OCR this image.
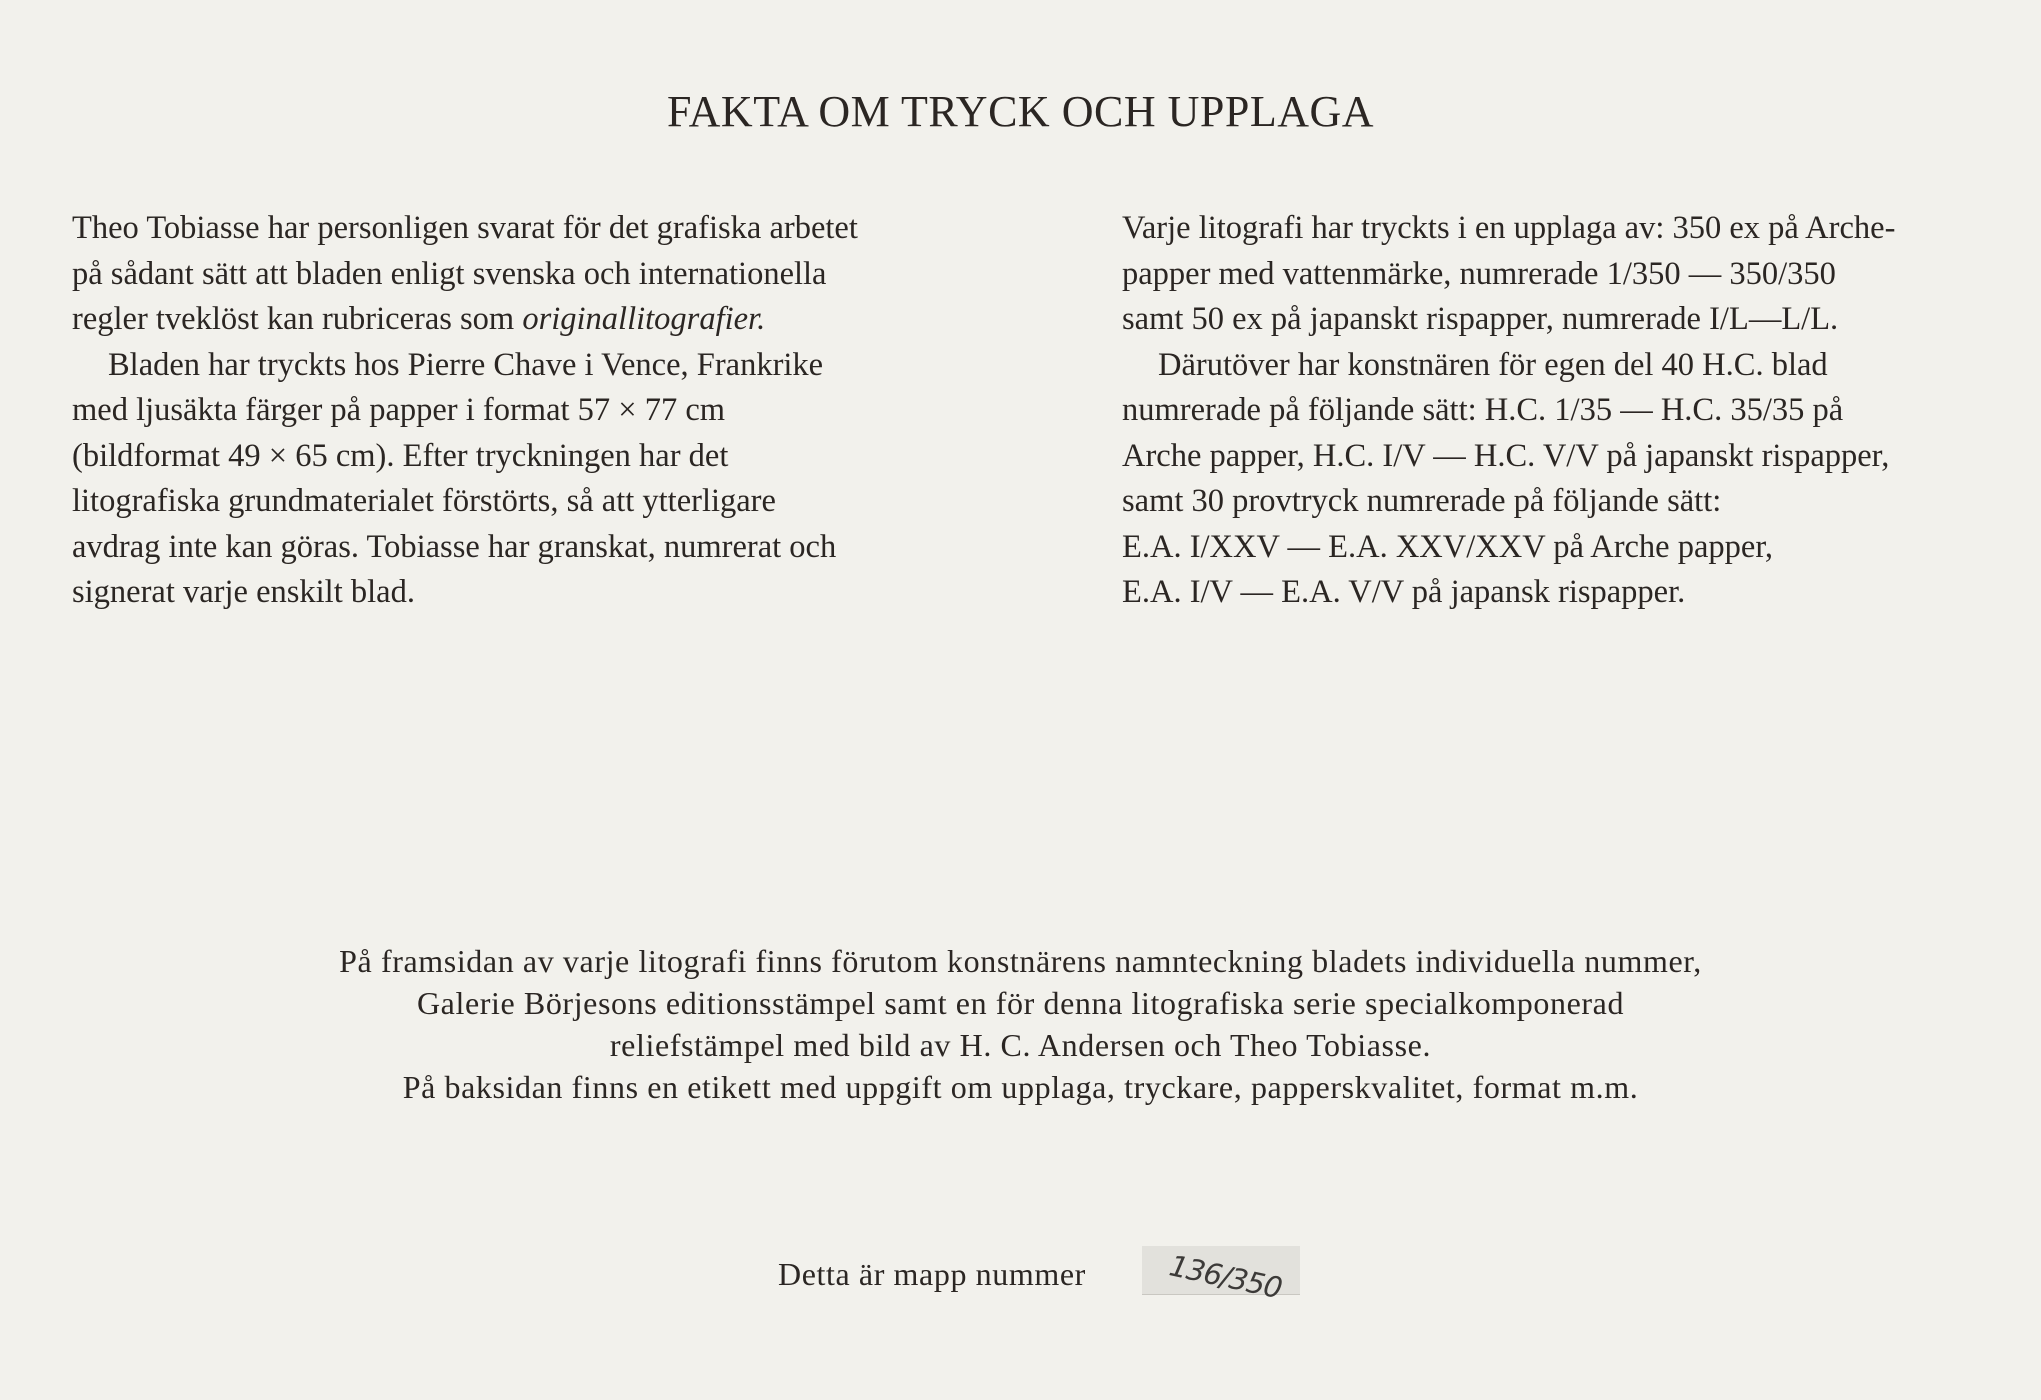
FAKTA OM TRYCK OCH UPPLAGA
Theo Tobiasse har personligen svarat för det grafiska arbetet
på sådant sätt att bladen enligt svenska och internationella
regler tveklöst kan rubriceras som originallitografier.
Bladen har tryckts hos Pierre Chave i Vence, Frankrike
med ljusäkta färger på papper i format 57 × 77 cm
(bildformat 49 × 65 cm). Efter tryckningen har det
litografiska grundmaterialet förstörts, så att ytterligare
avdrag inte kan göras. Tobiasse har granskat, numrerat och
signerat varje enskilt blad.
Varje litografi har tryckts i en upplaga av: 350 ex på Arche-
papper med vattenmärke, numrerade 1/350 — 350/350
samt 50 ex på japanskt rispapper, numrerade I/L—L/L.
Därutöver har konstnären för egen del 40 H.C. blad
numrerade på följande sätt: H.C. 1/35 — H.C. 35/35 på
Arche papper, H.C. I/V — H.C. V/V på japanskt rispapper,
samt 30 provtryck numrerade på följande sätt:
E.A. I/XXV — E.A. XXV/XXV på Arche papper,
E.A. I/V — E.A. V/V på japansk rispapper.
På framsidan av varje litografi finns förutom konstnärens namnteckning bladets individuella nummer,
Galerie Börjesons editionsstämpel samt en för denna litografiska serie specialkomponerad
reliefstämpel med bild av H. C. Andersen och Theo Tobiasse.
På baksidan finns en etikett med uppgift om upplaga, tryckare, papperskvalitet, format m.m.
Detta är mapp nummer	136/350
